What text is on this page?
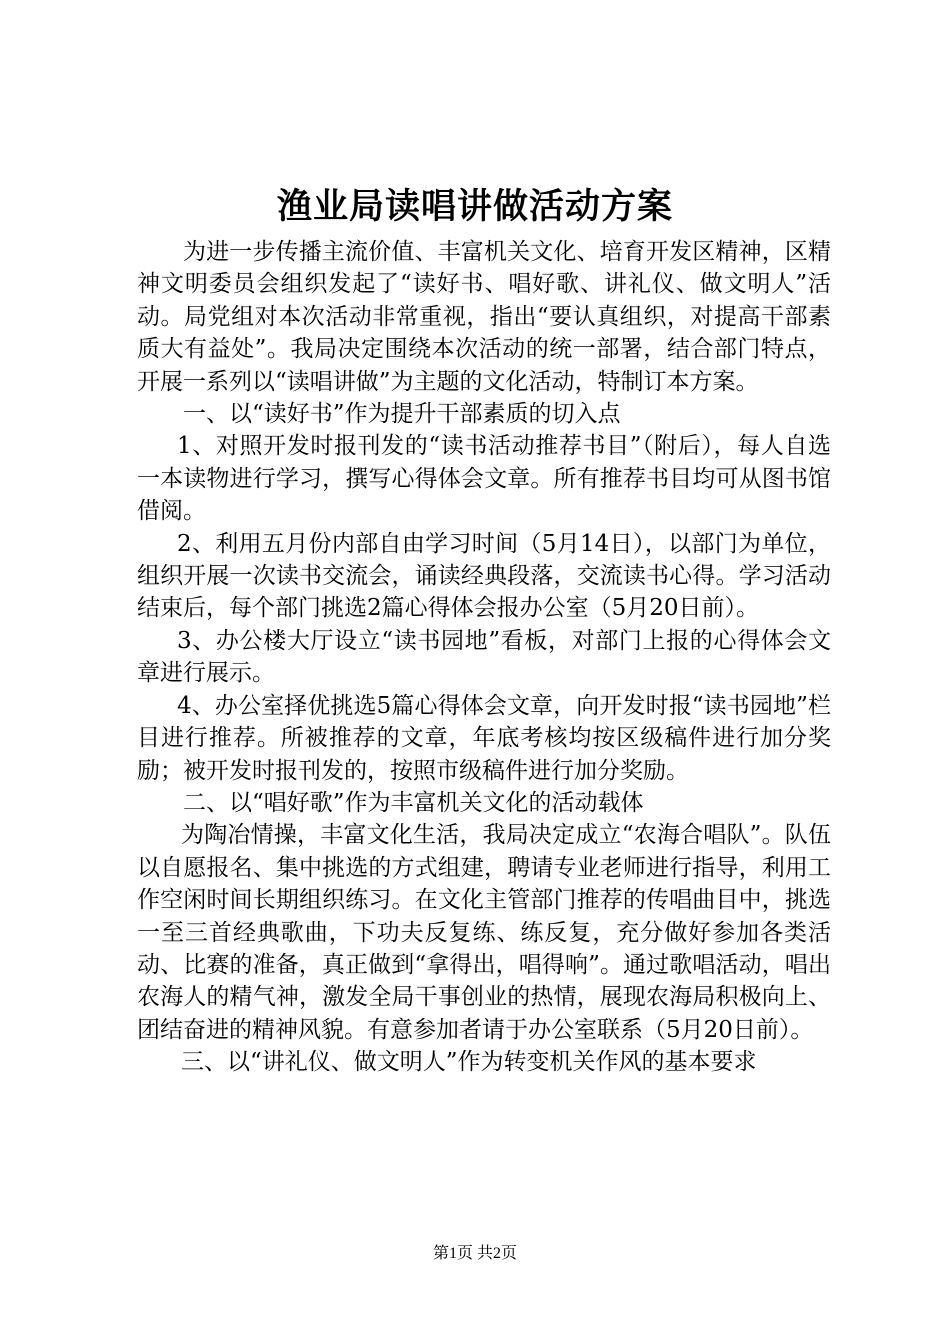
渔业局读唱讲做活动方案

为进一步传播主流价值、丰富机关文化、培育开发区精神，区精神文明委员会组织发起了“读好书、唱好歌、讲礼仪、做文明人”活动。局党组对本次活动非常重视，指出“要认真组织，对提高干部素质大有益处”。我局决定围绕本次活动的统一部署，结合部门特点，开展一系列以“读唱讲做”为主题的文化活动，特制订本方案。

一、以“读好书”作为提升干部素质的切入点

1、对照开发时报刊发的“读书活动推荐书目”（附后），每人自选一本读物进行学习，撰写心得体会文章。所有推荐书目均可从图书馆借阅。

2、利用五月份内部自由学习时间（5月14日），以部门为单位，组织开展一次读书交流会，诵读经典段落，交流读书心得。学习活动结束后，每个部门挑选2篇心得体会报办公室（5月20日前）。

3、办公楼大厅设立“读书园地”看板，对部门上报的心得体会文章进行展示。

4、办公室择优挑选5篇心得体会文章，向开发时报“读书园地”栏目进行推荐。所被推荐的文章，年底考核均按区级稿件进行加分奖励；被开发时报刊发的，按照市级稿件进行加分奖励。

二、以“唱好歌”作为丰富机关文化的活动载体

为陶冶情操，丰富文化生活，我局决定成立“农海合唱队”。队伍以自愿报名、集中挑选的方式组建，聘请专业老师进行指导，利用工作空闲时间长期组织练习。在文化主管部门推荐的传唱曲目中，挑选一至三首经典歌曲，下功夫反复练、练反复，充分做好参加各类活动、比赛的准备，真正做到“拿得出，唱得响”。通过歌唱活动，唱出农海人的精气神，激发全局干事创业的热情，展现农海局积极向上、团结奋进的精神风貌。有意参加者请于办公室联系（5月20日前）。

三、以“讲礼仪、做文明人”作为转变机关作风的基本要求

第1页 共2页
